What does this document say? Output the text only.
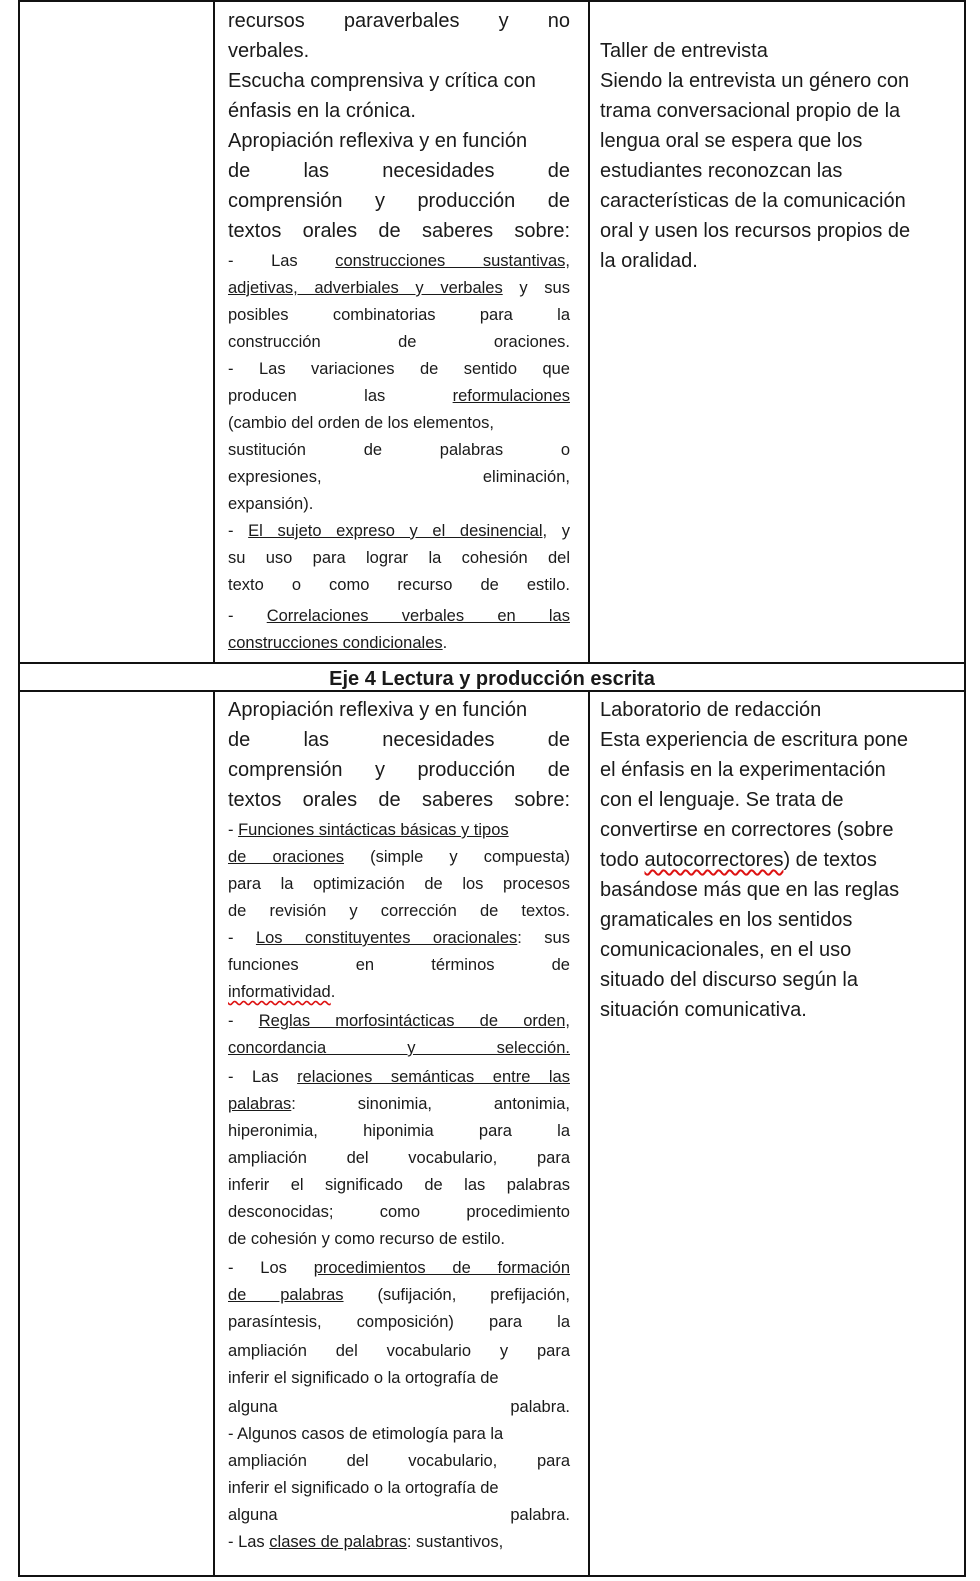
recursos paraverbales y no
verbales.
Escucha comprensiva y crítica con
énfasis en la crónica.
Apropiación reflexiva y en función
de las necesidades de
comprensión y producción de
textos orales de saberes sobre:
- Las construcciones sustantivas,
adjetivas, adverbiales y verbales y sus
posibles combinatorias para la
construcción de oraciones.
- Las variaciones de sentido que
producen las reformulaciones
(cambio del orden de los elementos,
sustitución de palabras o
expresiones, eliminación,
expansión).
- El sujeto expreso y el desinencial, y
su uso para lograr la cohesión del
texto o como recurso de estilo.
- Correlaciones verbales en las
construcciones condicionales.
Taller de entrevista
Siendo la entrevista un género con
trama conversacional propio de la
lengua oral se espera que los
estudiantes reconozcan las
características de la comunicación
oral y usen los recursos propios de
la oralidad.
Eje 4 Lectura y producción escrita
Apropiación reflexiva y en función
de las necesidades de
comprensión y producción de
textos orales de saberes sobre:
- Funciones sintácticas básicas y tipos
de oraciones (simple y compuesta)
para la optimización de los procesos
de revisión y corrección de textos.
- Los constituyentes oracionales: sus
funciones en términos de
informatividad.
- Reglas morfosintácticas de orden,
concordancia y selección.
- Las relaciones semánticas entre las
palabras: sinonimia, antonimia,
hiperonimia, hiponimia para la
ampliación del vocabulario, para
inferir el significado de las palabras
desconocidas; como procedimiento
de cohesión y como recurso de estilo.
- Los procedimientos de formación
de palabras (sufijación, prefijación,
parasíntesis, composición) para la
ampliación del vocabulario y para
inferir el significado o la ortografía de
alguna palabra.
- Algunos casos de etimología para la
ampliación del vocabulario, para
inferir el significado o la ortografía de
alguna palabra.
- Las clases de palabras: sustantivos,
Laboratorio de redacción
Esta experiencia de escritura pone
el énfasis en la experimentación
con el lenguaje. Se trata de
convertirse en correctores (sobre
todo autocorrectores) de textos
basándose más que en las reglas
gramaticales en los sentidos
comunicacionales, en el uso
situado del discurso según la
situación comunicativa.
